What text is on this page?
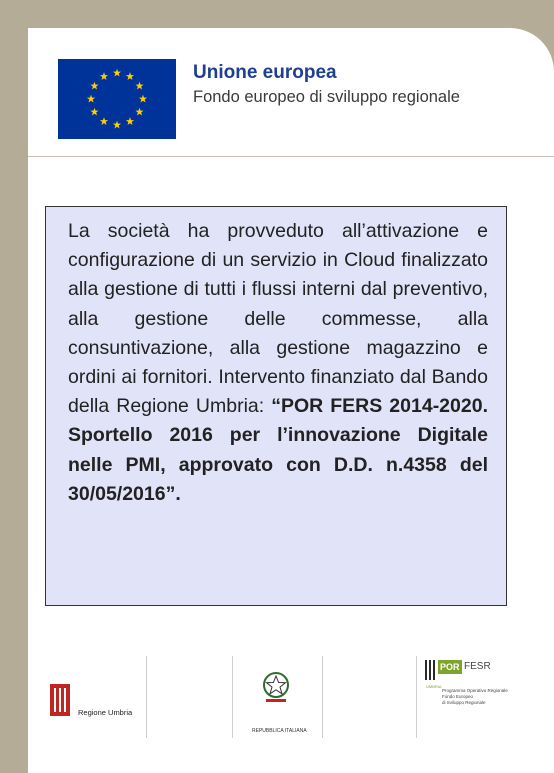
Unione europea
Fondo europeo di sviluppo regionale
La società ha provveduto all’attivazione e configurazione di un servizio in Cloud finalizzato alla gestione di tutti i flussi interni dal preventivo, alla gestione delle commesse, alla consuntivazione, alla gestione magazzino e ordini ai fornitori. Intervento finanziato dal Bando della Regione Umbria: “POR FERS 2014-2020. Sportello 2016 per l’innovazione Digitale nelle PMI, approvato con D.D. n.4358 del 30/05/2016”.
Regione Umbria
REPUBBLICA ITALIANA
POR FESR
UMBRIA
Programma Operativo Regionale
Fondo Europeo
di Sviluppo Regionale
